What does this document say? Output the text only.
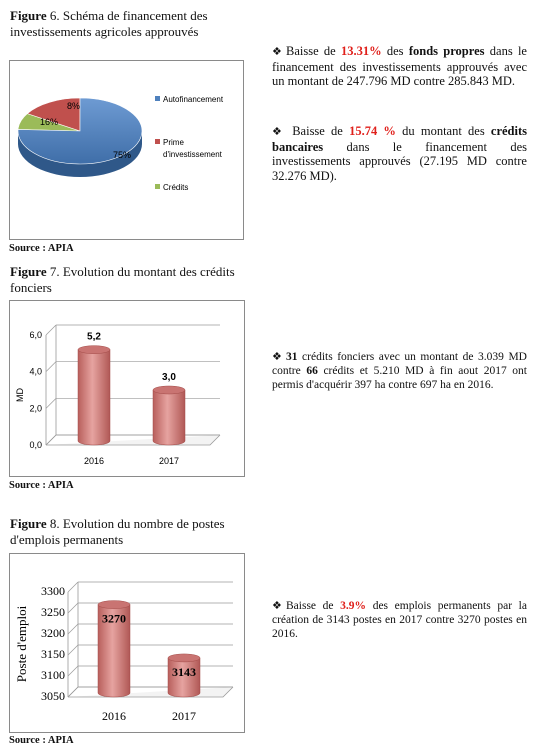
Figure 6. Schéma de financement des investissements agricoles approuvés
75%
16%
8%
Autofinancement
Prime
d'investissement
Crédits
Source : APIA
Figure 7. Evolution du montant des crédits fonciers
0,0
2,0
4,0
6,0
MD
5,2
2016
3,0
2017
Source : APIA
Figure 8. Evolution du nombre de postes d'emplois permanents
3050
3100
3150
3200
3250
3300
Poste d'emploi	3270
2016
3143
2017
Source : APIA
❖ Baisse de 13.31% des fonds propres dans le financement des investissements approuvés avec un montant de 247.796 MD contre 285.843 MD.
❖ Baisse de 15.74 % du montant des crédits bancaires dans le financement des investissements approuvés (27.195 MD contre 32.276 MD).
❖ 31 crédits fonciers avec un montant de 3.039 MD contre 66 crédits et 5.210 MD à fin aout 2017 ont permis d'acquérir 397 ha contre 697 ha en 2016.
❖ Baisse de 3.9% des emplois permanents par la création de 3143 postes en 2017 contre 3270 postes en 2016.
